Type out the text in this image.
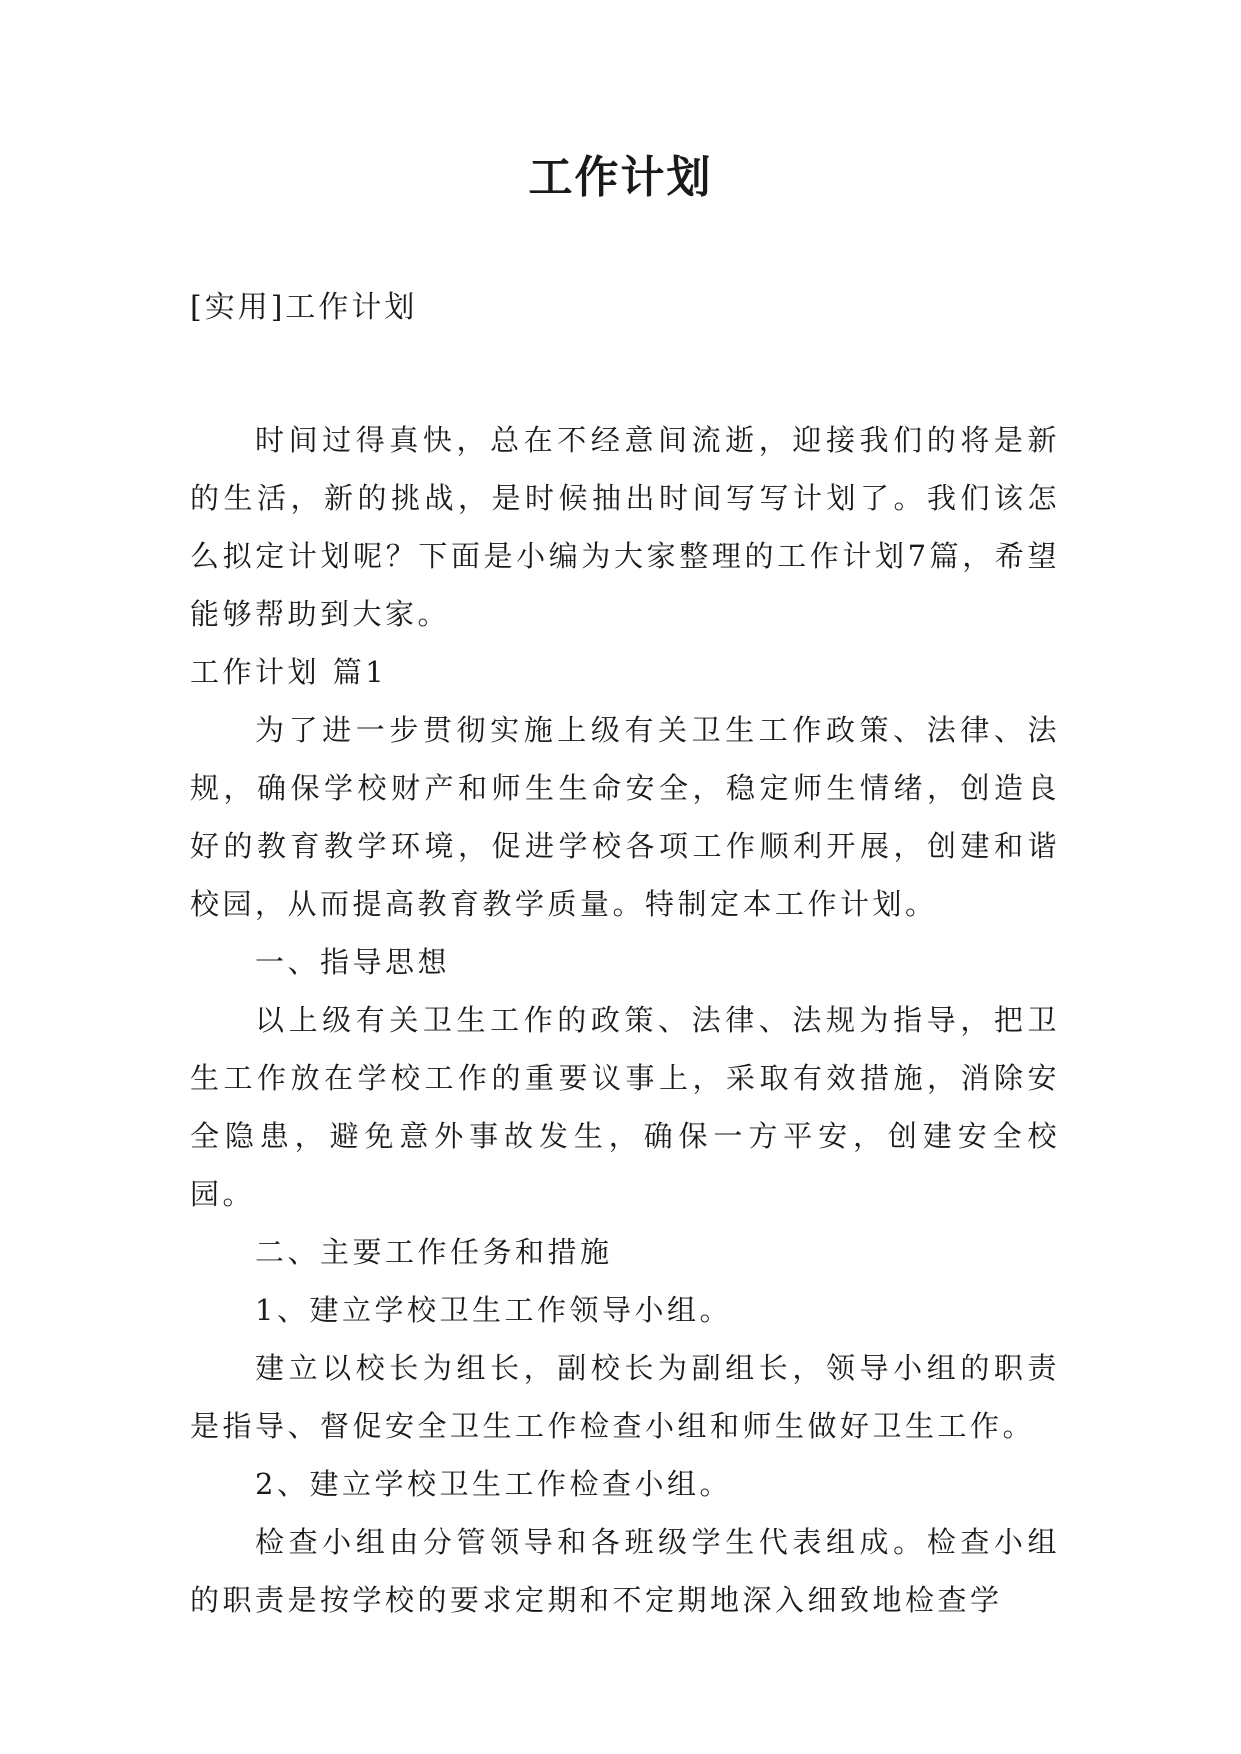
工作计划

[实用]工作计划

时间过得真快，总在不经意间流逝，迎接我们的将是新的生活，新的挑战，是时候抽出时间写写计划了。我们该怎么拟定计划呢？下面是小编为大家整理的工作计划7篇，希望能够帮助到大家。

工作计划 篇1

为了进一步贯彻实施上级有关卫生工作政策、法律、法规，确保学校财产和师生生命安全，稳定师生情绪，创造良好的教育教学环境，促进学校各项工作顺利开展，创建和谐校园，从而提高教育教学质量。特制定本工作计划。

一、指导思想

以上级有关卫生工作的政策、法律、法规为指导，把卫生工作放在学校工作的重要议事上，采取有效措施，消除安全隐患，避免意外事故发生，确保一方平安，创建安全校园。

二、主要工作任务和措施

1、建立学校卫生工作领导小组。

建立以校长为组长，副校长为副组长，领导小组的职责是指导、督促安全卫生工作检查小组和师生做好卫生工作。

2、建立学校卫生工作检查小组。

检查小组由分管领导和各班级学生代表组成。检查小组的职责是按学校的要求定期和不定期地深入细致地检查学
